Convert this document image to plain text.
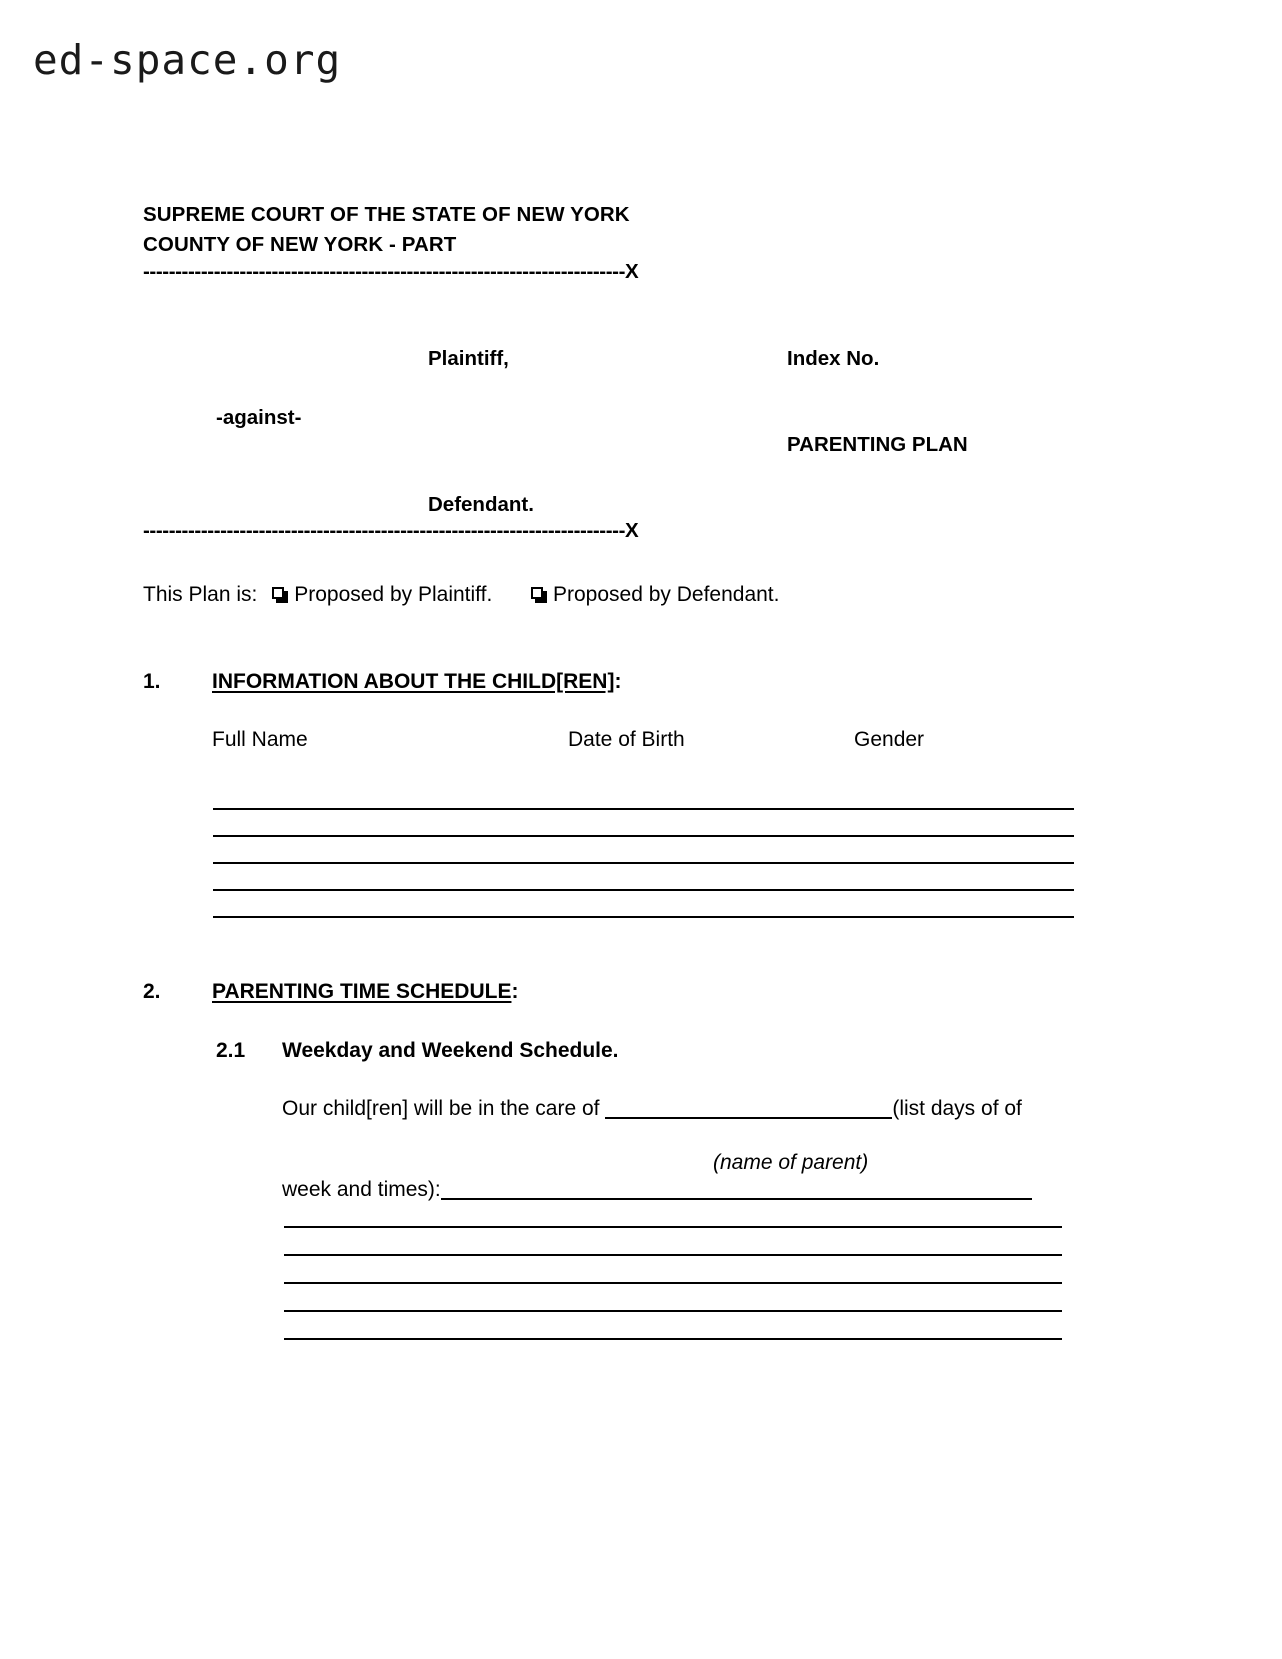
ed-space.org
SUPREME COURT OF THE STATE OF NEW YORK
COUNTY OF NEW YORK - PART
---------------------------------------------------------------------------X
Plaintiff,
-against-
Defendant.
Index No.
PARENTING PLAN
---------------------------------------------------------------------------X
This Plan is: Proposed by Plaintiff.	Proposed by Defendant.
1. INFORMATION ABOUT THE CHILD[REN]:
Full Name	Date of Birth	Gender
2. PARENTING TIME SCHEDULE:
2.1 Weekday and Weekend Schedule.
Our child[ren] will be in the care of	(list days of of
(name of parent)
week and times):
